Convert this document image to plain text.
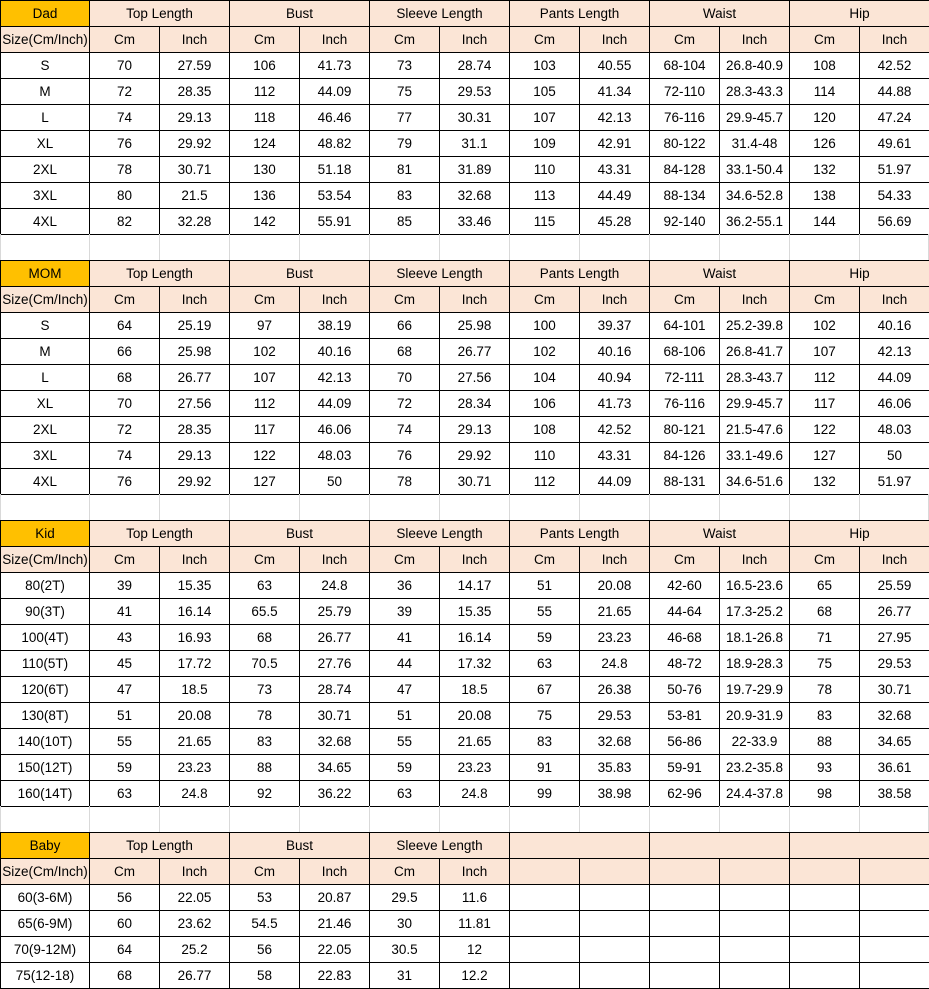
Dad	Top Length		Bust		Sleeve Length		Pants Length		Waist		Hip	
Size(Cm/Inch)	Cm	Inch	Cm	Inch	Cm	Inch	Cm	Inch	Cm	Inch	Cm	Inch
S	70	27.59	106	41.73	73	28.74	103	40.55	68-104	26.8-40.9	108	42.52
M	72	28.35	112	44.09	75	29.53	105	41.34	72-110	28.3-43.3	114	44.88
L	74	29.13	118	46.46	77	30.31	107	42.13	76-116	29.9-45.7	120	47.24
XL	76	29.92	124	48.82	79	31.1	109	42.91	80-122	31.4-48	126	49.61
2XL	78	30.71	130	51.18	81	31.89	110	43.31	84-128	33.1-50.4	132	51.97
3XL	80	21.5	136	53.54	83	32.68	113	44.49	88-134	34.6-52.8	138	54.33
4XL	82	32.28	142	55.91	85	33.46	115	45.28	92-140	36.2-55.1	144	56.69
MOM	Top Length		Bust		Sleeve Length		Pants Length		Waist		Hip	
Size(Cm/Inch)	Cm	Inch	Cm	Inch	Cm	Inch	Cm	Inch	Cm	Inch	Cm	Inch
S	64	25.19	97	38.19	66	25.98	100	39.37	64-101	25.2-39.8	102	40.16
M	66	25.98	102	40.16	68	26.77	102	40.16	68-106	26.8-41.7	107	42.13
L	68	26.77	107	42.13	70	27.56	104	40.94	72-111	28.3-43.7	112	44.09
XL	70	27.56	112	44.09	72	28.34	106	41.73	76-116	29.9-45.7	117	46.06
2XL	72	28.35	117	46.06	74	29.13	108	42.52	80-121	21.5-47.6	122	48.03
3XL	74	29.13	122	48.03	76	29.92	110	43.31	84-126	33.1-49.6	127	50
4XL	76	29.92	127	50	78	30.71	112	44.09	88-131	34.6-51.6	132	51.97
Kid	Top Length		Bust		Sleeve Length		Pants Length		Waist		Hip	
Size(Cm/Inch)	Cm	Inch	Cm	Inch	Cm	Inch	Cm	Inch	Cm	Inch	Cm	Inch
80(2T)	39	15.35	63	24.8	36	14.17	51	20.08	42-60	16.5-23.6	65	25.59
90(3T)	41	16.14	65.5	25.79	39	15.35	55	21.65	44-64	17.3-25.2	68	26.77
100(4T)	43	16.93	68	26.77	41	16.14	59	23.23	46-68	18.1-26.8	71	27.95
110(5T)	45	17.72	70.5	27.76	44	17.32	63	24.8	48-72	18.9-28.3	75	29.53
120(6T)	47	18.5	73	28.74	47	18.5	67	26.38	50-76	19.7-29.9	78	30.71
130(8T)	51	20.08	78	30.71	51	20.08	75	29.53	53-81	20.9-31.9	83	32.68
140(10T)	55	21.65	83	32.68	55	21.65	83	32.68	56-86	22-33.9	88	34.65
150(12T)	59	23.23	88	34.65	59	23.23	91	35.83	59-91	23.2-35.8	93	36.61
160(14T)	63	24.8	92	36.22	63	24.8	99	38.98	62-96	24.4-37.8	98	38.58
Baby	Top Length		Bust		Sleeve Length							
Size(Cm/Inch)	Cm	Inch	Cm	Inch	Cm	Inch						
60(3-6M)	56	22.05	53	20.87	29.5	11.6						
65(6-9M)	60	23.62	54.5	21.46	30	11.81						
70(9-12M)	64	25.2	56	22.05	30.5	12						
75(12-18)	68	26.77	58	22.83	31	12.2						
